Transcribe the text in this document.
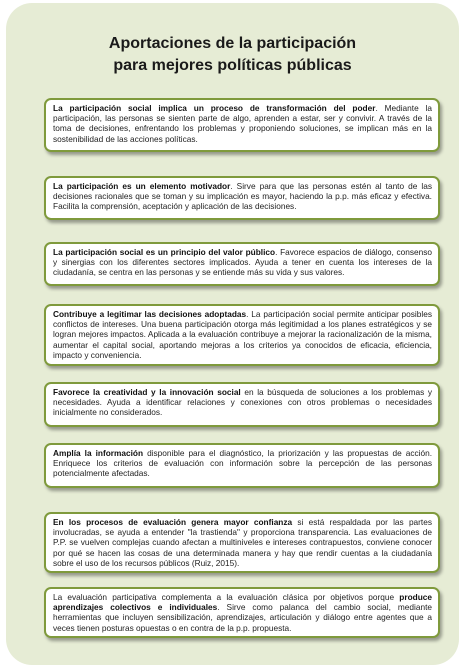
Aportaciones de la participación
para mejores políticas públicas
La participación social implica un proceso de transformación del poder. Mediante la participación, las personas se sienten parte de algo, aprenden a estar, ser y convivir. A través de la toma de decisiones, enfrentando los problemas y proponiendo soluciones, se implican más en la sostenibilidad de las acciones políticas.
La participación es un elemento motivador. Sirve para que las personas estén al tanto de las decisiones racionales que se toman y su implicación es mayor, haciendo la p.p. más eficaz y efectiva. Facilita la comprensión, aceptación y aplicación de las decisiones.
La participación social es un principio del valor público. Favorece espacios de diálogo, consenso y sinergias con los diferentes sectores implicados. Ayuda a tener en cuenta los intereses de la ciudadanía, se centra en las personas y se entiende más su vida y sus valores.
Contribuye a legitimar las decisiones adoptadas. La participación social permite anticipar posibles conflictos de intereses. Una buena participación otorga más legitimidad a los planes estratégicos y se logran mejores impactos. Aplicada a la evaluación contribuye a mejorar la racionalización de la misma, aumentar el capital social, aportando mejoras a los criterios ya conocidos de eficacia, eficiencia, impacto y conveniencia.
Favorece la creatividad y la innovación social en la búsqueda de soluciones a los problemas y necesidades. Ayuda a identificar relaciones y conexiones con otros problemas o necesidades inicialmente no considerados.
Amplía la información disponible para el diagnóstico, la priorización y las propuestas de acción. Enriquece los criterios de evaluación con información sobre la percepción de las personas potencialmente afectadas.
En los procesos de evaluación genera mayor confianza si está respaldada por las partes involucradas, se ayuda a entender "la trastienda" y proporciona transparencia. Las evaluaciones de P.P. se vuelven complejas cuando afectan a multiniveles e intereses contrapuestos, conviene conocer por qué se hacen las cosas de una determinada manera y hay que rendir cuentas a la ciudadanía sobre el uso de los recursos públicos (Ruiz, 2015).
La evaluación participativa complementa a la evaluación clásica por objetivos porque produce aprendizajes colectivos e individuales. Sirve como palanca del cambio social, mediante herramientas que incluyen sensibilización, aprendizajes, articulación y diálogo entre agentes que a veces tienen posturas opuestas o en contra de la p.p. propuesta.
